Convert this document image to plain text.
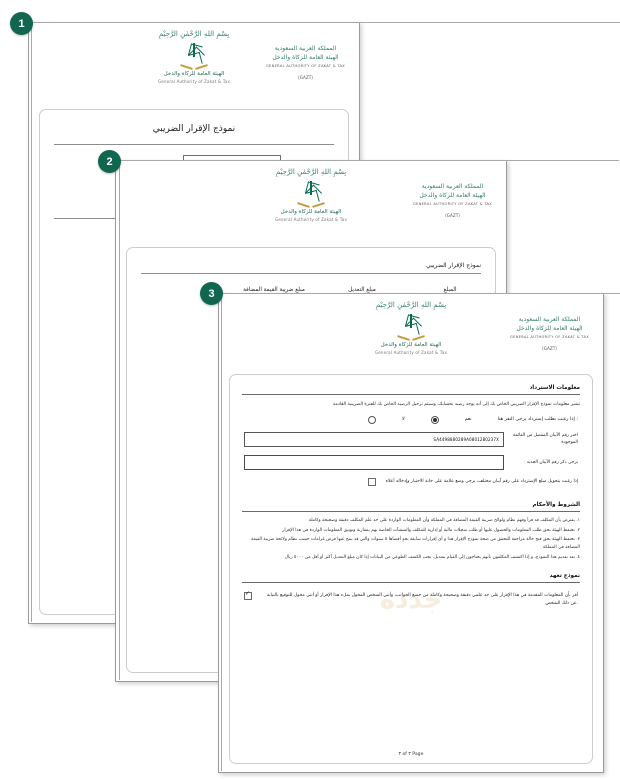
بِسْمِ اللهِ الرَّحْمٰنِ الرَّحِيْمِ
الهيئة العامة للزكاة والدخل
General Authority of Zakat & Tax
المملكة العربية السعودية
الهيئة العامة للزكاة والدخل
GENERAL AUTHORITY OF ZAKAT & TAX
(GAZT)
نموذج الإقرار الضريبي
بِسْمِ اللهِ الرَّحْمٰنِ الرَّحِيْمِ
الهيئة العامة للزكاة والدخل
General Authority of Zakat & Tax
المملكة العربية السعودية
الهيئة العامة للزكاة والدخل
GENERAL AUTHORITY OF ZAKAT & TAX
(GAZT)
نموذج الإقرار الضريبي
مبلغ ضريبة القيمة المضافة	مبلغ التعديل	المبلغ

بِسْمِ اللهِ الرَّحْمٰنِ الرَّحِيْمِ
الهيئة العامة للزكاة والدخل
General Authority of Zakat & Tax
المملكة العربية السعودية
الهيئة العامة للزكاة والدخل
GENERAL AUTHORITY OF ZAKAT & TAX
(GAZT)
جدده
معلومات الاسترداد
تشير معلومات نموذج الإقرار الضريبي الخاص بك إلى أنه يوجد رصيد بحسابك، وسيتم ترحيل الرصيد الخاص بك للفترة الضريبية القادمة
لا	نعم	إذا رغبت بطلب إسترداد يرجى النقر هنا :
SA4498880289A0801280237X
اختر رقم الآيبان المفضل من القائمة الموجودة
يرجى ذكر رقم الآيبان الجديد
إذا رغبت بتحويل مبلغ الإسترداد على رقم آيبان مختلف، يرجى وضع علامة على خانة الاختيار وإدخاله أعلاه
الشروط والأحكام
١. يفترض بأن المكلف قد قرأ وفهم نظام ولوائح ضريبة القيمة المضافة في المملكة وأن المعلومات الواردة على حد علم المكلف دقيقة وصحيحة وكاملة
٢. تحتفظ الهيئة بحق طلب المعلومات والحصول عليها أو طلب سجلات مالية أو إدارية للمكلف والمنشآت الخاصة بهم بمقارنة وتوثيق المعلومات الواردة في هذا الإقرار
٣. تحتفظ الهيئة بحق فتح حالة مراجعة للتحقق من صحة نموذج الإقرار هذا و أي إقرارات سابقة بحدٍ أقصاها ٥ سنوات والتي قد ينتج عنها فرض غرامات حسب نظام ولائحة ضريبة القيمة المضافة في المملكة
٤. بعد تقديم هذا النموذج، و إذا اكتشف المكلفون بأنهم يحتاجون إلى القيام بتعديل، يجب الكشف الطوعي من البيانات إذا كان مبلغ التعديل أكثر أو أقل من ٥٠٠٠ ريال
نموذج تعهد
✓
أقر بأن المعلومات المقدمة في هذا الإقرار على حد علمي دقيقة وصحيحة وكاملة من جميع الجوانب، وأنني الشخص المخول بملء هذا الإقرار أو أنني مخول للتوقيع بالنيابة عن ذلك الشخص.
٣ of ٣ Page
1
2
3
